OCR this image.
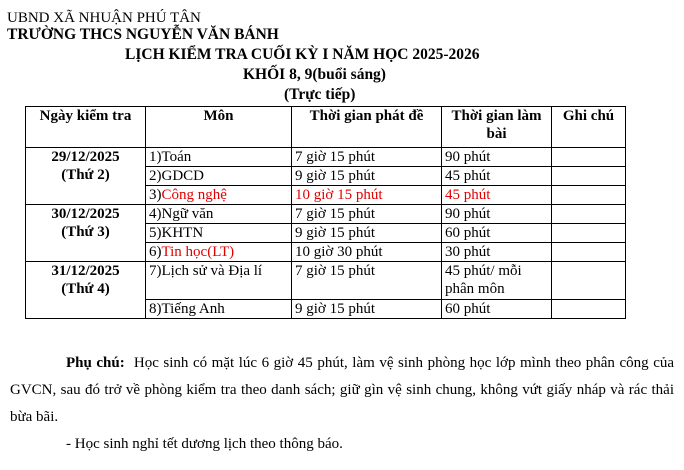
UBND XÃ NHUẬN PHÚ TÂN
TRƯỜNG THCS NGUYỄN VĂN BÁNH
LỊCH KIỂM TRA CUỐI KỲ I NĂM HỌC 2025-2026
KHỐI 8, 9(buổi sáng)
(Trực tiếp)
Ngày kiểm tra	Môn	Thời gian phát đề	Thời gian làm bài	Ghi chú

29/12/2025
(Thứ 2)	1)Toán	7 giờ 15 phút	90 phút	
	2)GDCD	9 giờ 15 phút	45 phút	
	3)Công nghệ	10 giờ 15 phút	45 phút	

30/12/2025
(Thứ 3)	4)Ngữ văn	7 giờ 15 phút	90 phút	
	5)KHTN	9 giờ 15 phút	60 phút	
	6)Tin học(LT)	10 giờ 30 phút	30 phút	

31/12/2025
(Thứ 4)	7)Lịch sử và Địa lí	7 giờ 15 phút	45 phút/ mỗi phân môn	
	8)Tiếng Anh	9 giờ 15 phút	60 phút	

Phụ chú: Học sinh có mặt lúc 6 giờ 45 phút, làm vệ sinh phòng học lớp mình theo phân công của GVCN, sau đó trở về phòng kiểm tra theo danh sách; giữ gìn vệ sinh chung, không vứt giấy nháp và rác thải bừa bãi.

- Học sinh nghỉ tết dương lịch theo thông báo.
